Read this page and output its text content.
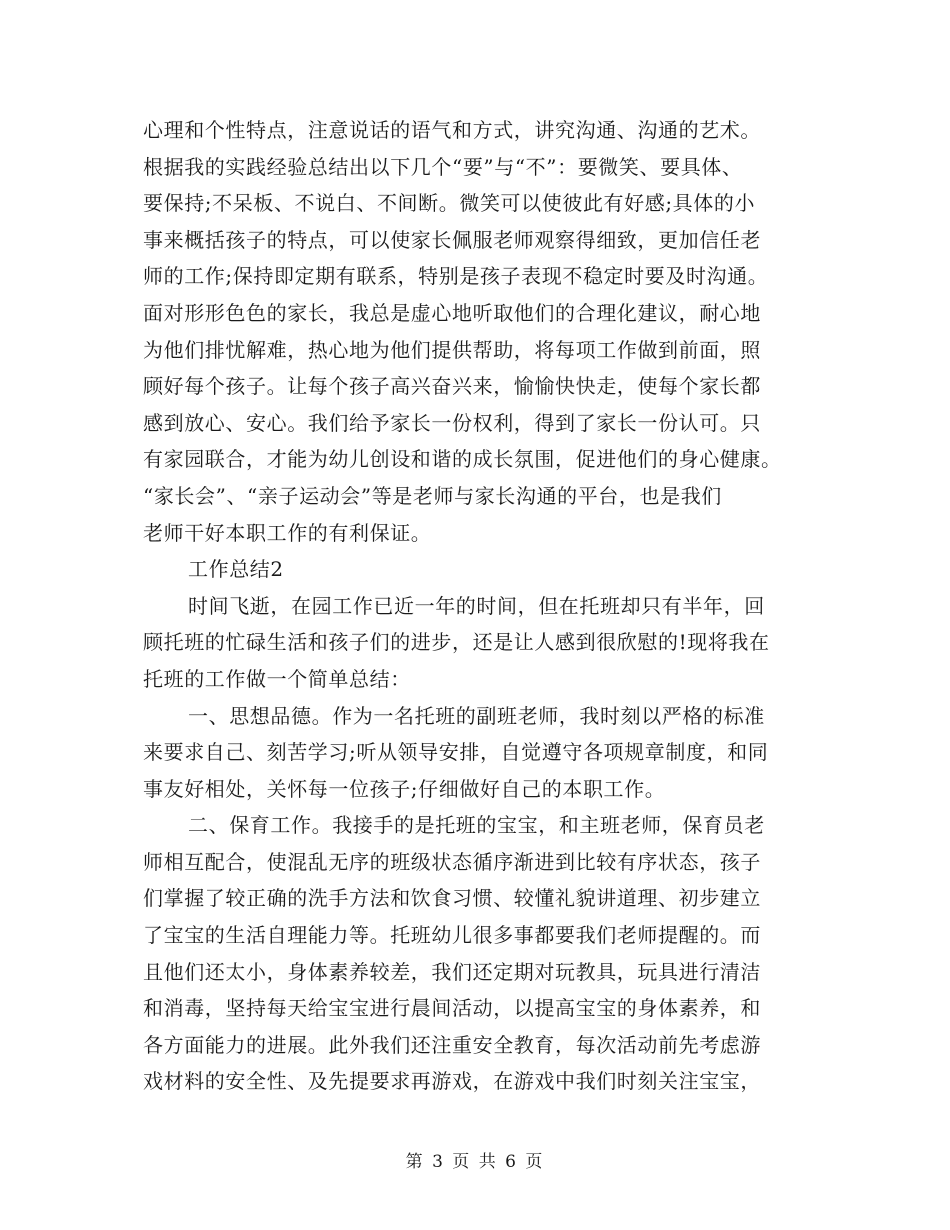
心理和个性特点，注意说话的语气和方式，讲究沟通、沟通的艺术。
根据我的实践经验总结出以下几个“要”与“不”：要微笑、要具体、
要保持;不呆板、不说白、不间断。微笑可以使彼此有好感;具体的小
事来概括孩子的特点，可以使家长佩服老师观察得细致，更加信任老
师的工作;保持即定期有联系，特别是孩子表现不稳定时要及时沟通。
面对形形色色的家长，我总是虚心地听取他们的合理化建议，耐心地
为他们排忧解难，热心地为他们提供帮助，将每项工作做到前面，照
顾好每个孩子。让每个孩子高兴奋兴来，愉愉快快走，使每个家长都
感到放心、安心。我们给予家长一份权利，得到了家长一份认可。只
有家园联合，才能为幼儿创设和谐的成长氛围，促进他们的身心健康。
“家长会”、“亲子运动会”等是老师与家长沟通的平台，也是我们
老师干好本职工作的有利保证。
工作总结2
时间飞逝，在园工作已近一年的时间，但在托班却只有半年，回
顾托班的忙碌生活和孩子们的进步，还是让人感到很欣慰的!现将我在
托班的工作做一个简单总结：
一、思想品德。作为一名托班的副班老师，我时刻以严格的标准
来要求自己、刻苦学习;听从领导安排，自觉遵守各项规章制度，和同
事友好相处，关怀每一位孩子;仔细做好自己的本职工作。
二、保育工作。我接手的是托班的宝宝，和主班老师，保育员老
师相互配合，使混乱无序的班级状态循序渐进到比较有序状态，孩子
们掌握了较正确的洗手方法和饮食习惯、较懂礼貌讲道理、初步建立
了宝宝的生活自理能力等。托班幼儿很多事都要我们老师提醒的。而
且他们还太小，身体素养较差，我们还定期对玩教具，玩具进行清洁
和消毒，坚持每天给宝宝进行晨间活动，以提高宝宝的身体素养，和
各方面能力的进展。此外我们还注重安全教育，每次活动前先考虑游
戏材料的安全性、及先提要求再游戏，在游戏中我们时刻关注宝宝，
第 3 页 共 6 页
